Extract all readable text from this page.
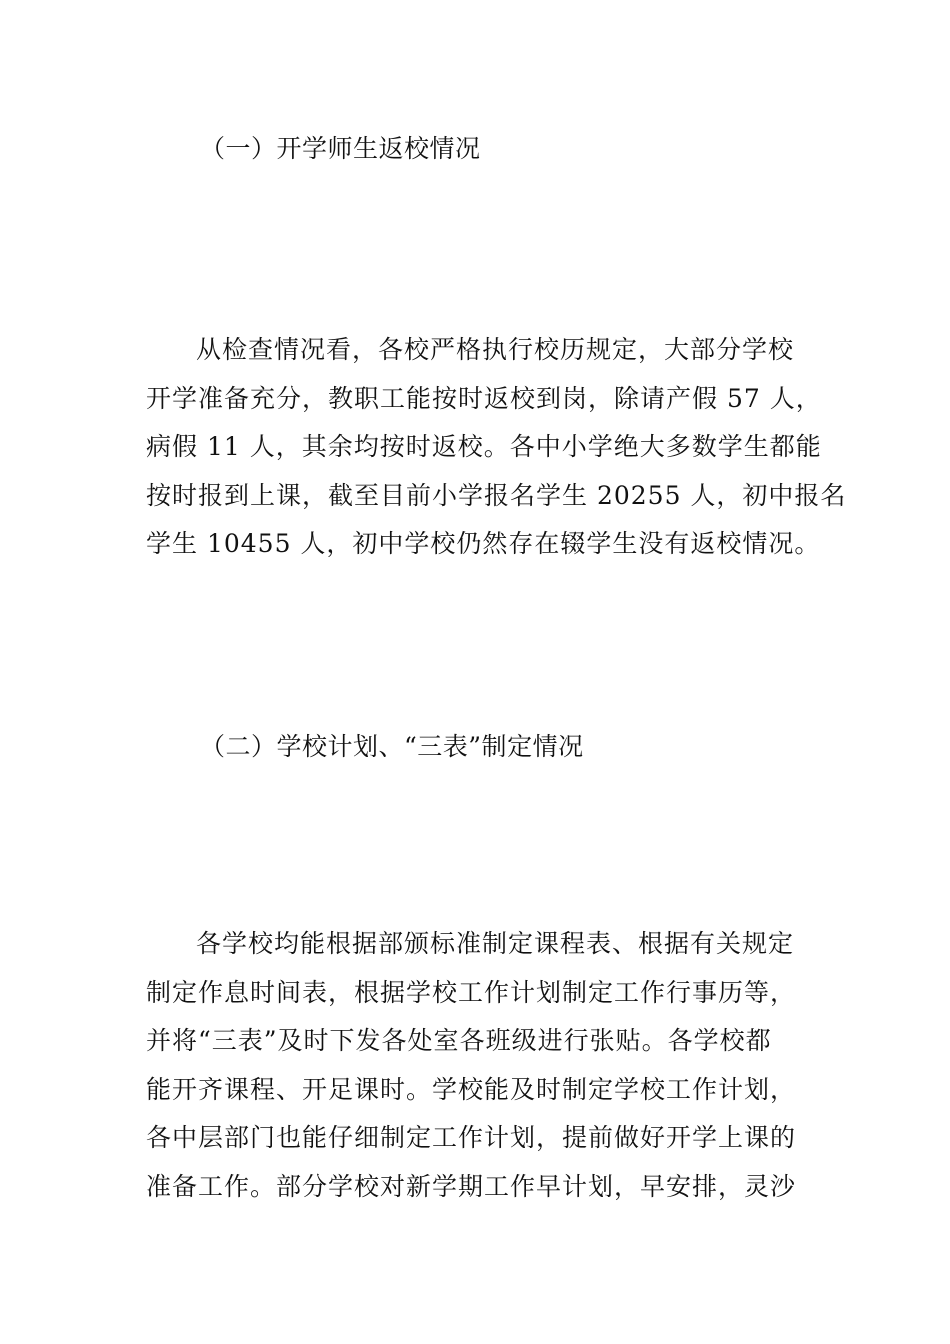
（一）开学师生返校情况
从检查情况看，各校严格执行校历规定，大部分学校
开学准备充分，教职工能按时返校到岗，除请产假 57 人，
病假 11 人，其余均按时返校。各中小学绝大多数学生都能
按时报到上课，截至目前小学报名学生 20255 人，初中报名
学生 10455 人，初中学校仍然存在辍学生没有返校情况。
（二）学校计划、“三表”制定情况
各学校均能根据部颁标准制定课程表、根据有关规定
制定作息时间表，根据学校工作计划制定工作行事历等，
并将“三表”及时下发各处室各班级进行张贴。各学校都
能开齐课程、开足课时。学校能及时制定学校工作计划，
各中层部门也能仔细制定工作计划，提前做好开学上课的
准备工作。部分学校对新学期工作早计划，早安排，灵沙
